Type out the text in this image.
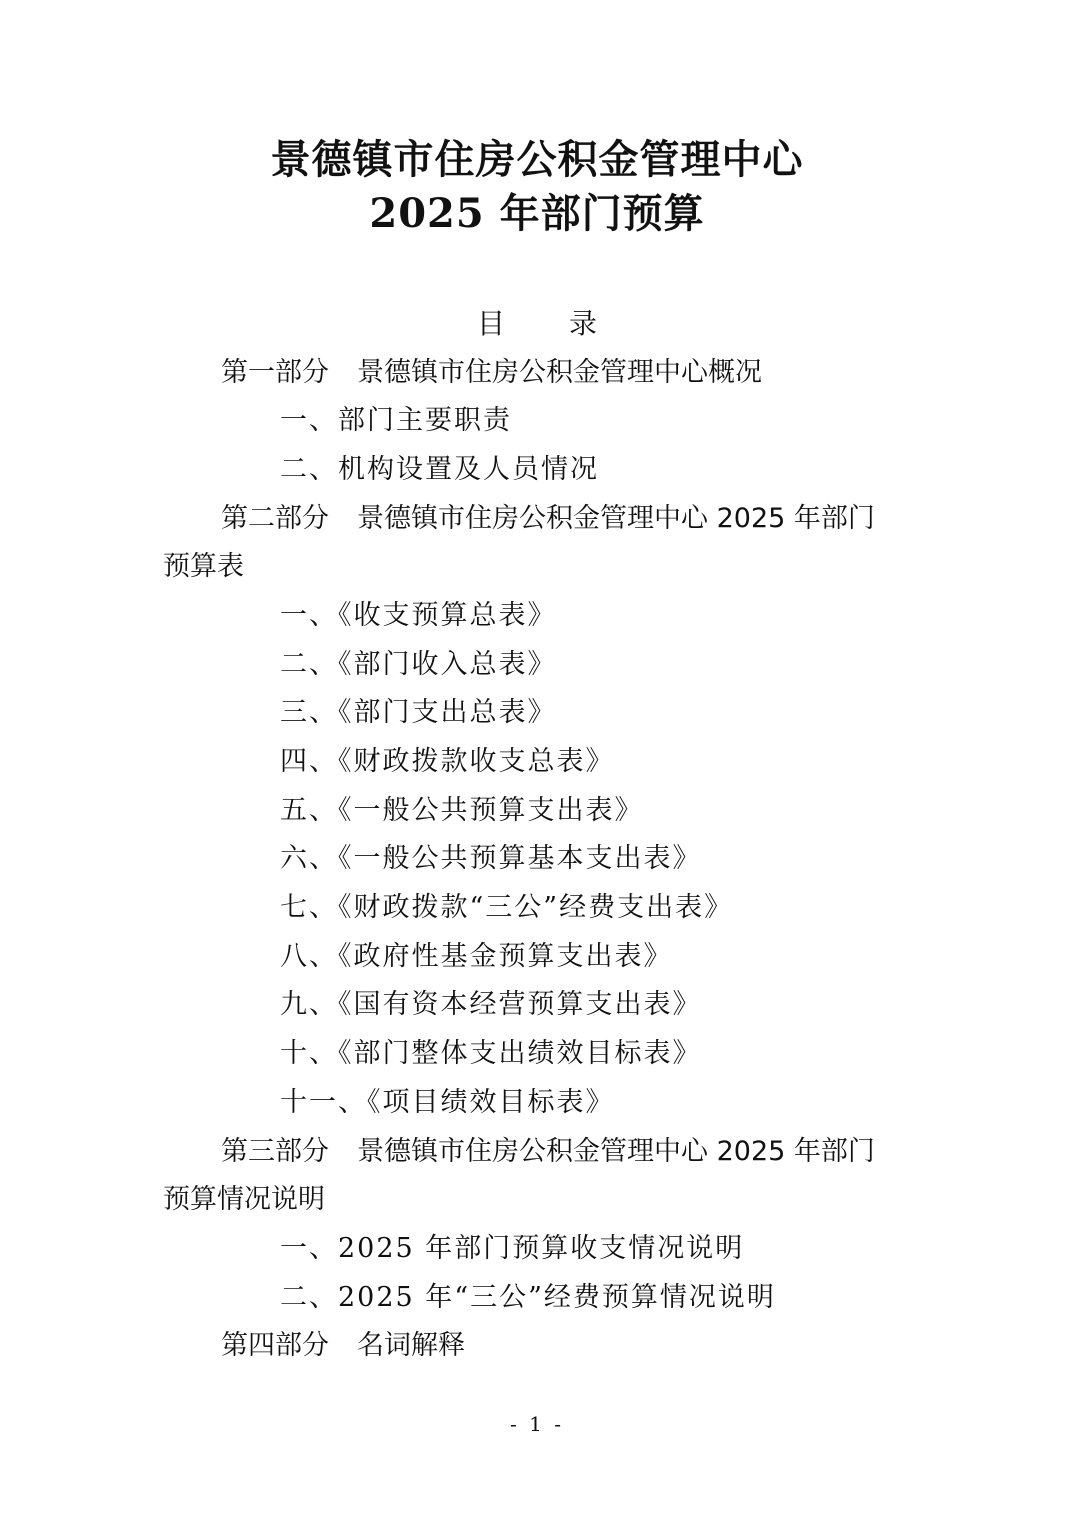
景德镇市住房公积金管理中心
2025 年部门预算
目录
第一部分 景德镇市住房公积金管理中心概况
一、部门主要职责
二、机构设置及人员情况
第二部分 景德镇市住房公积金管理中心 2025 年部门
预算表
一、《收支预算总表》
二、《部门收入总表》
三、《部门支出总表》
四、《财政拨款收支总表》
五、《一般公共预算支出表》
六、《一般公共预算基本支出表》
七、《财政拨款“三公”经费支出表》
八、《政府性基金预算支出表》
九、《国有资本经营预算支出表》
十、《部门整体支出绩效目标表》
十一、《项目绩效目标表》
第三部分 景德镇市住房公积金管理中心 2025 年部门
预算情况说明
一、2025 年部门预算收支情况说明
二、2025 年“三公”经费预算情况说明
第四部分 名词解释
- 1 -
